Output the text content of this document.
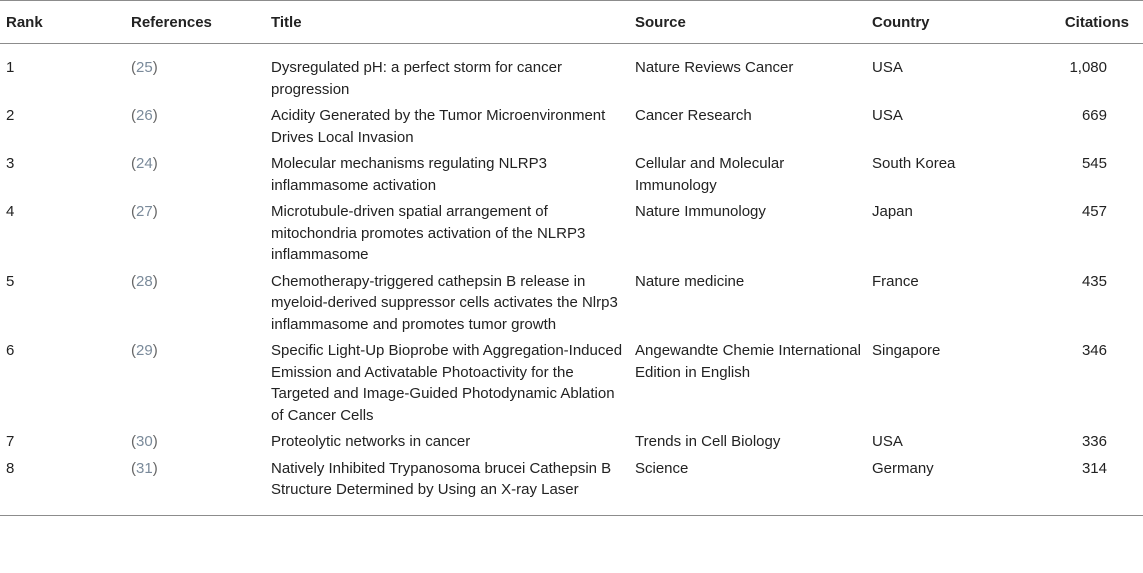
Rank	References	Title	Source	Country	Citations
1	(25)	Dysregulated pH: a perfect storm for cancer progression	Nature Reviews Cancer	USA	1,080
2	(26)	Acidity Generated by the Tumor Microenvironment Drives Local Invasion	Cancer Research	USA	669
3	(24)	Molecular mechanisms regulating NLRP3 inflammasome activation	Cellular and Molecular Immunology	South Korea	545
4	(27)	Microtubule-driven spatial arrangement of mitochondria promotes activation of the NLRP3 inflammasome	Nature Immunology	Japan	457
5	(28)	Chemotherapy-triggered cathepsin B release in myeloid-derived suppressor cells activates the Nlrp3 inflammasome and promotes tumor growth	Nature medicine	France	435
6	(29)	Specific Light-Up Bioprobe with Aggregation-Induced Emission and Activatable Photoactivity for the Targeted and Image-Guided Photodynamic Ablation of Cancer Cells	Angewandte Chemie International Edition in English	Singapore	346
7	(30)	Proteolytic networks in cancer	Trends in Cell Biology	USA	336
8	(31)	Natively Inhibited Trypanosoma brucei Cathepsin B Structure Determined by Using an X-ray Laser	Science	Germany	314
